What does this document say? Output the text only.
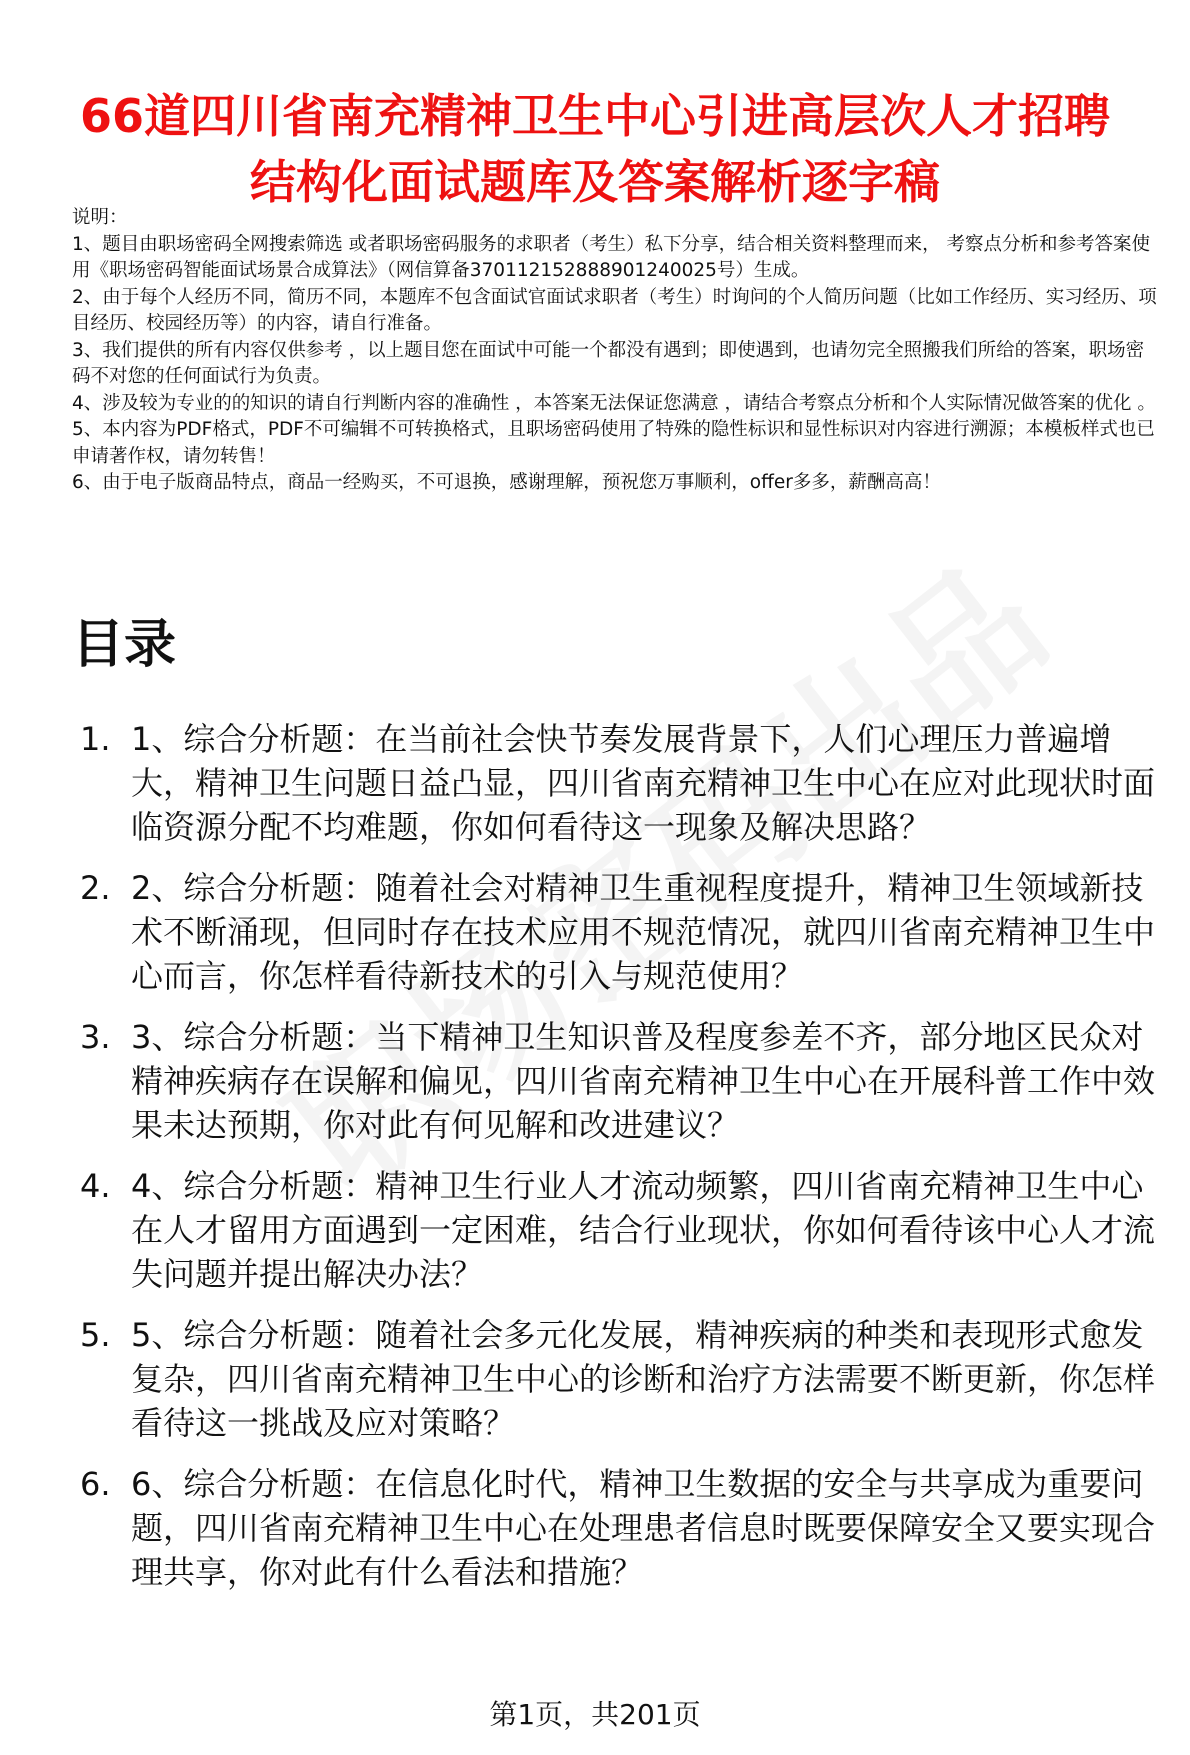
66道四川省南充精神卫生中心引进高层次人才招聘结构化面试题库及答案解析逐字稿

说明：

1、题目由职场密码全网搜索筛选 或者职场密码服务的求职者（考生）私下分享，结合相关资料整理而来， 考察点分析和参考答案使用《职场密码智能面试场景合成算法》（网信算备370112152888901240025号）生成。

2、由于每个人经历不同，简历不同，本题库不包含面试官面试求职者（考生）时询问的个人简历问题（比如工作经历、实习经历、项目经历、校园经历等）的内容，请自行准备。

3、我们提供的所有内容仅供参考 ，以上题目您在面试中可能一个都没有遇到；即使遇到，也请勿完全照搬我们所给的答案，职场密码不对您的任何面试行为负责。

4、涉及较为专业的的知识的请自行判断内容的准确性 ，本答案无法保证您满意 ，请结合考察点分析和个人实际情况做答案的优化 。

5、本内容为PDF格式，PDF不可编辑不可转换格式，且职场密码使用了特殊的隐性标识和显性标识对内容进行溯源；本模板样式也已申请著作权，请勿转售！

6、由于电子版商品特点，商品一经购买，不可退换，感谢理解，预祝您万事顺利，offer多多，薪酬高高！

目录
1. 1、综合分析题：在当前社会快节奏发展背景下，人们心理压力普遍增大，精神卫生问题日益凸显，四川省南充精神卫生中心在应对此现状时面临资源分配不均难题，你如何看待这一现象及解决思路？
2. 2、综合分析题：随着社会对精神卫生重视程度提升，精神卫生领域新技术不断涌现，但同时存在技术应用不规范情况，就四川省南充精神卫生中心而言，你怎样看待新技术的引入与规范使用？
3. 3、综合分析题：当下精神卫生知识普及程度参差不齐，部分地区民众对精神疾病存在误解和偏见，四川省南充精神卫生中心在开展科普工作中效果未达预期，你对此有何见解和改进建议？
4. 4、综合分析题：精神卫生行业人才流动频繁，四川省南充精神卫生中心在人才留用方面遇到一定困难，结合行业现状，你如何看待该中心人才流失问题并提出解决办法？
5. 5、综合分析题：随着社会多元化发展，精神疾病的种类和表现形式愈发复杂，四川省南充精神卫生中心的诊断和治疗方法需要不断更新，你怎样看待这一挑战及应对策略？
6. 6、综合分析题：在信息化时代，精神卫生数据的安全与共享成为重要问题，四川省南充精神卫生中心在处理患者信息时既要保障安全又要实现合理共享，你对此有什么看法和措施？
第1页，共201页
